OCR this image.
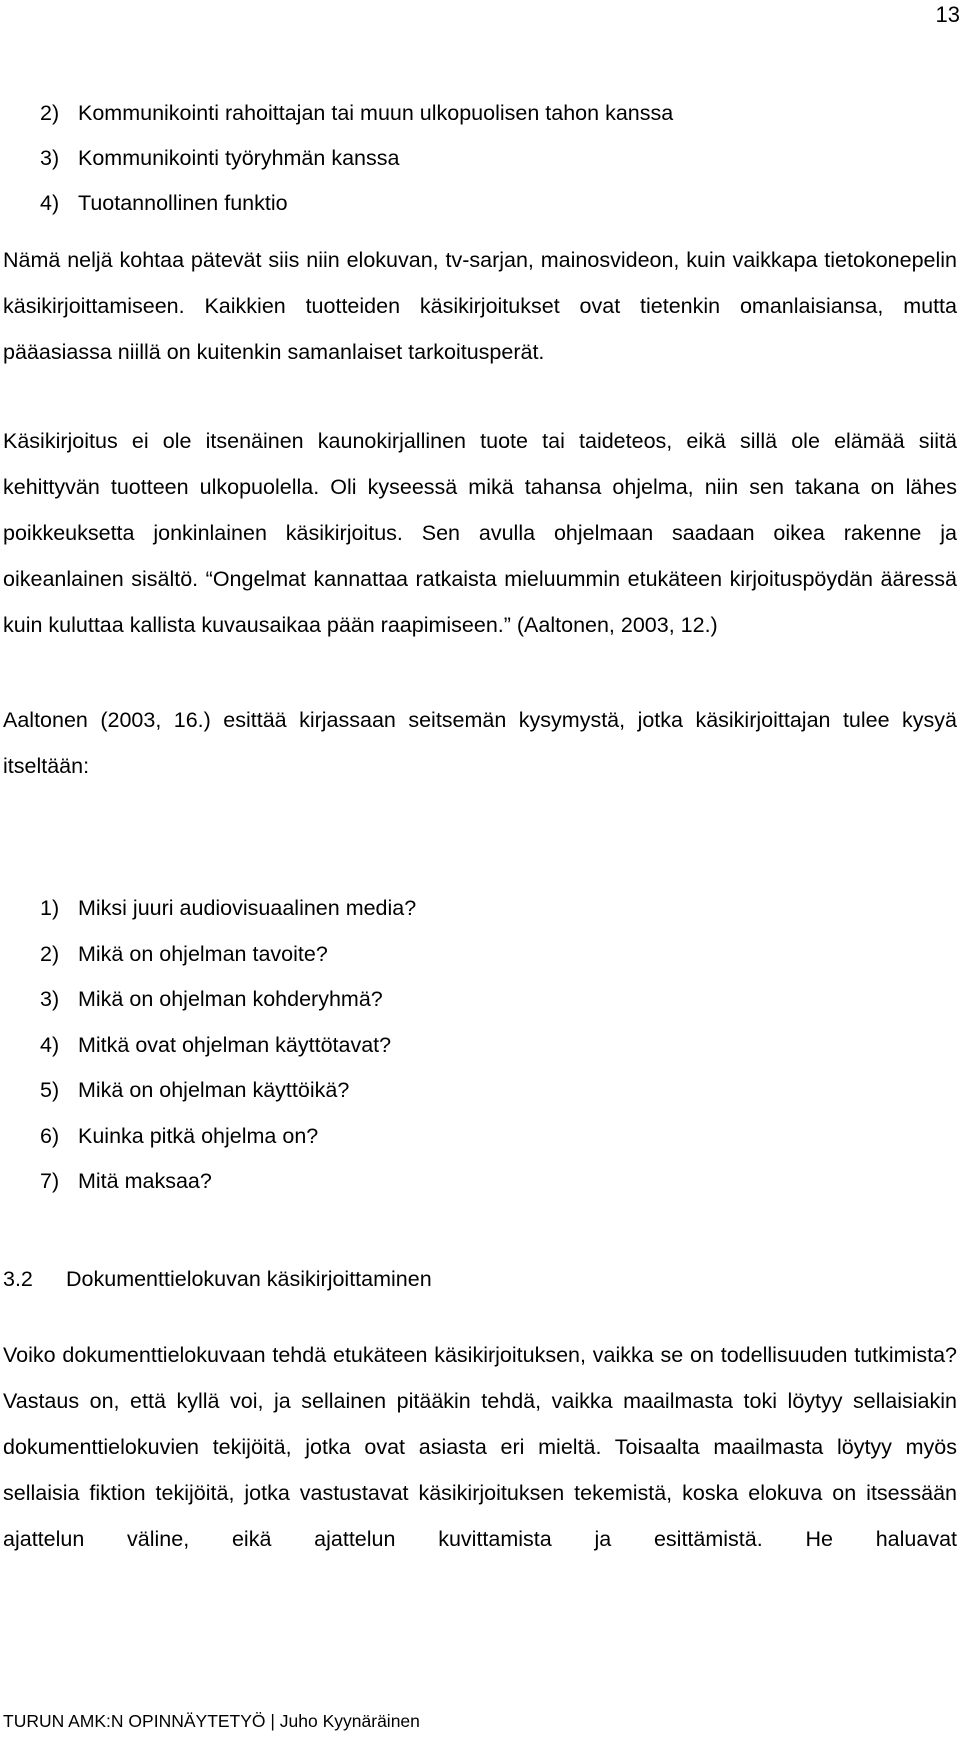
13
2) Kommunikointi rahoittajan tai muun ulkopuolisen tahon kanssa
3) Kommunikointi työryhmän kanssa
4) Tuotannollinen funktio

Nämä neljä kohtaa pätevät siis niin elokuvan, tv-sarjan, mainosvideon, kuin vaikkapa tietokonepelin käsikirjoittamiseen. Kaikkien tuotteiden käsikirjoitukset ovat tietenkin omanlaisiansa, mutta pääasiassa niillä on kuitenkin samanlaiset tarkoitusperät.

Käsikirjoitus ei ole itsenäinen kaunokirjallinen tuote tai taideteos, eikä sillä ole elämää siitä kehittyvän tuotteen ulkopuolella. Oli kyseessä mikä tahansa ohjelma, niin sen takana on lähes poikkeuksetta jonkinlainen käsikirjoitus. Sen avulla ohjelmaan saadaan oikea rakenne ja oikeanlainen sisältö. “Ongelmat kannattaa ratkaista mieluummin etukäteen kirjoituspöydän ääressä kuin kuluttaa kallista kuvausaikaa pään raapimiseen.” (Aaltonen, 2003, 12.)

Aaltonen (2003, 16.) esittää kirjassaan seitsemän kysymystä, jotka käsikirjoittajan tulee kysyä itseltään:

1) Miksi juuri audiovisuaalinen media?
2) Mikä on ohjelman tavoite?
3) Mikä on ohjelman kohderyhmä?
4) Mitkä ovat ohjelman käyttötavat?
5) Mikä on ohjelman käyttöikä?
6) Kuinka pitkä ohjelma on?
7) Mitä maksaa?
3.2	Dokumenttielokuvan käsikirjoittaminen

Voiko dokumenttielokuvaan tehdä etukäteen käsikirjoituksen, vaikka se on todellisuuden tutkimista? Vastaus on, että kyllä voi, ja sellainen pitääkin tehdä, vaikka maailmasta toki löytyy sellaisiakin dokumenttielokuvien tekijöitä, jotka ovat asiasta eri mieltä. Toisaalta maailmasta löytyy myös sellaisia fiktion tekijöitä, jotka vastustavat käsikirjoituksen tekemistä, koska elokuva on itsessään ajattelun väline, eikä ajattelun kuvittamista ja esittämistä. He haluavat

TURUN AMK:N OPINNÄYTETYÖ | Juho Kyynäräinen
